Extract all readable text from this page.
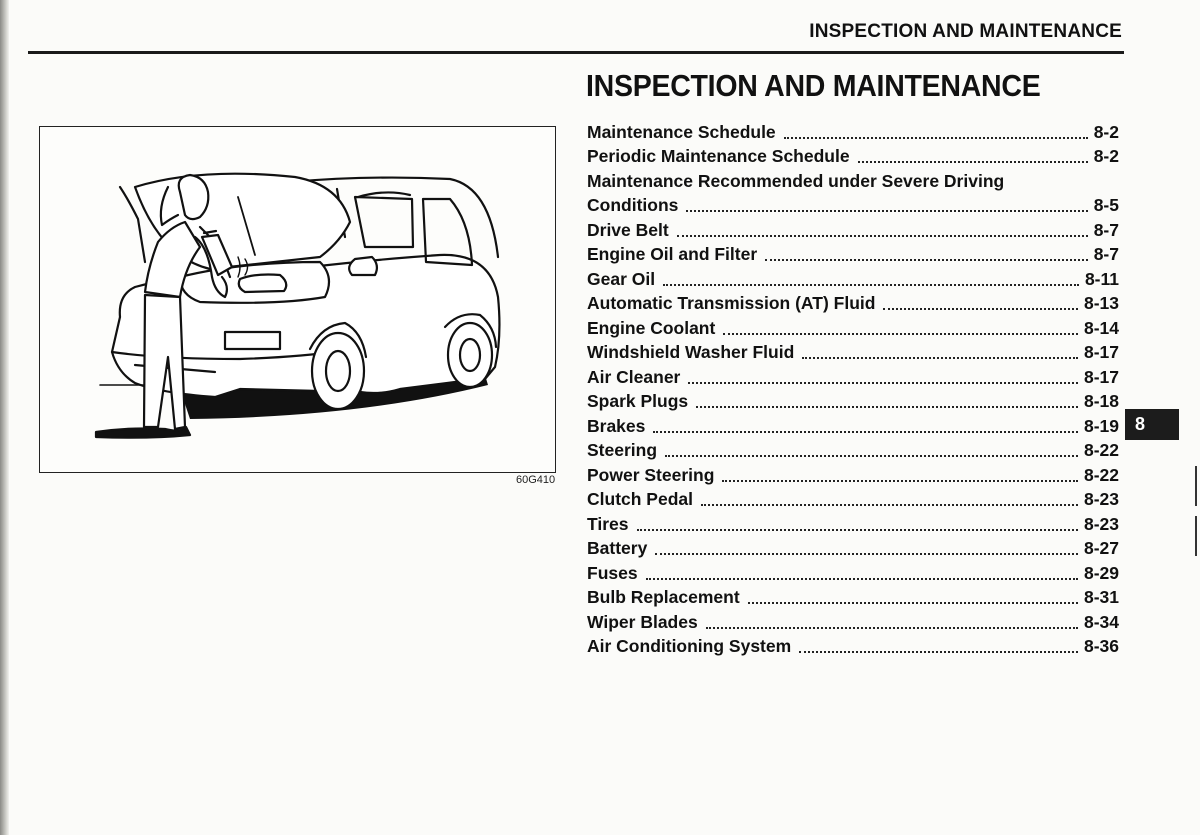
INSPECTION AND MAINTENANCE
INSPECTION AND MAINTENANCE
60G410
Maintenance Schedule	8-2
Periodic Maintenance Schedule	8-2
Maintenance Recommended under Severe Driving
Conditions	8-5
Drive Belt	8-7
Engine Oil and Filter	8-7
Gear Oil	8-11
Automatic Transmission (AT) Fluid	8-13
Engine Coolant	8-14
Windshield Washer Fluid	8-17
Air Cleaner	8-17
Spark Plugs	8-18
Brakes	8-19
Steering	8-22
Power Steering	8-22
Clutch Pedal	8-23
Tires	8-23
Battery	8-27
Fuses	8-29
Bulb Replacement	8-31
Wiper Blades	8-34
Air Conditioning System	8-36
8
